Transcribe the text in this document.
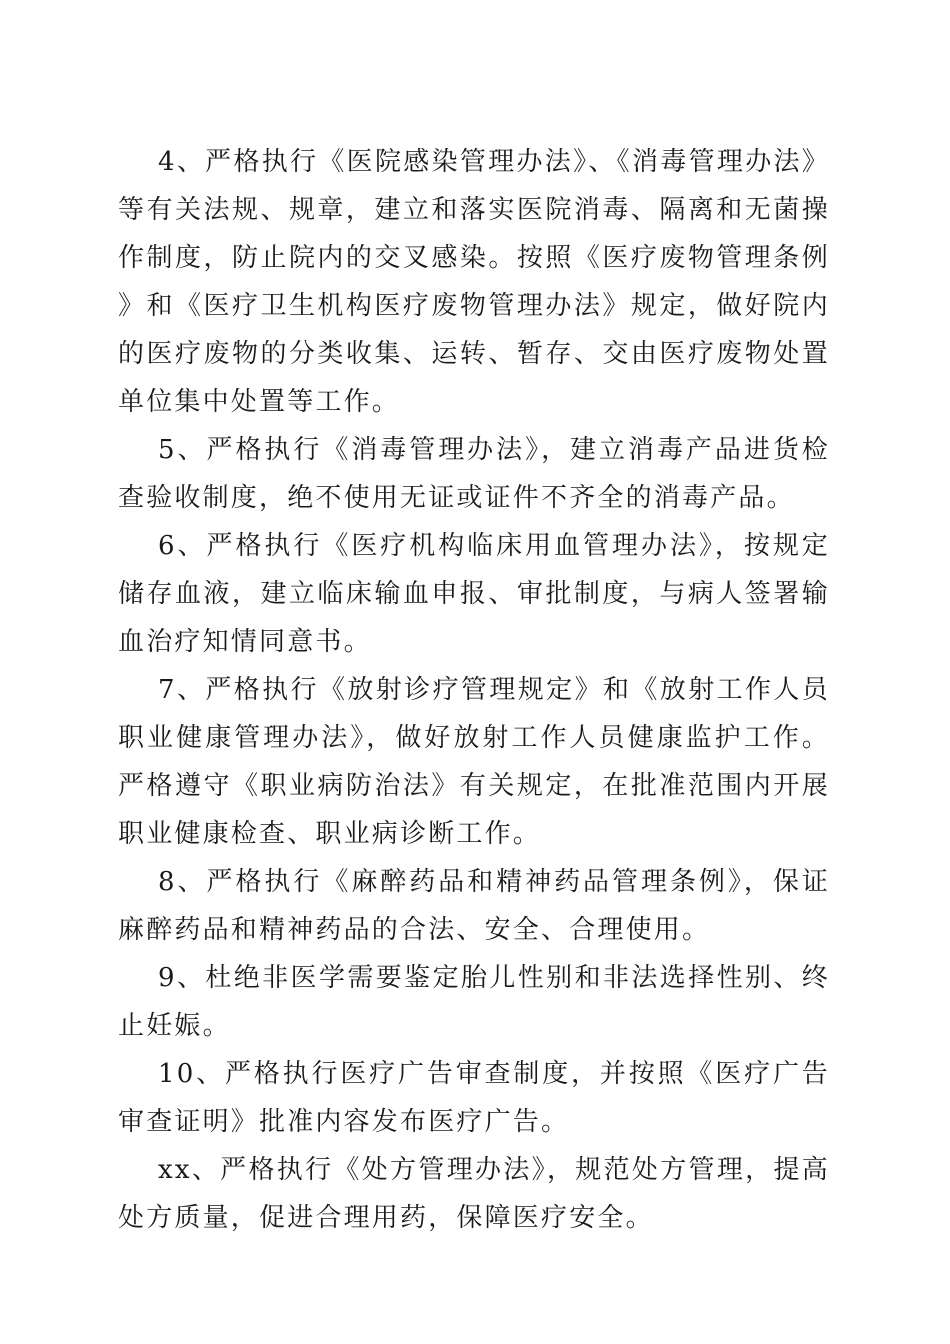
4、严格执行《医院感染管理办法》、《消毒管理办法》等有关法规、规章，建立和落实医院消毒、隔离和无菌操作制度，防止院内的交叉感染。按照《医疗废物管理条例》和《医疗卫生机构医疗废物管理办法》规定，做好院内的医疗废物的分类收集、运转、暂存、交由医疗废物处置单位集中处置等工作。

5、严格执行《消毒管理办法》，建立消毒产品进货检查验收制度，绝不使用无证或证件不齐全的消毒产品。

6、严格执行《医疗机构临床用血管理办法》，按规定储存血液，建立临床输血申报、审批制度，与病人签署输血治疗知情同意书。

7、严格执行《放射诊疗管理规定》和《放射工作人员职业健康管理办法》，做好放射工作人员健康监护工作。严格遵守《职业病防治法》有关规定，在批准范围内开展职业健康检查、职业病诊断工作。

8、严格执行《麻醉药品和精神药品管理条例》，保证麻醉药品和精神药品的合法、安全、合理使用。

9、杜绝非医学需要鉴定胎儿性别和非法选择性别、终止妊娠。

10、严格执行医疗广告审查制度，并按照《医疗广告审查证明》批准内容发布医疗广告。

xx、严格执行《处方管理办法》，规范处方管理，提高处方质量，促进合理用药，保障医疗安全。
